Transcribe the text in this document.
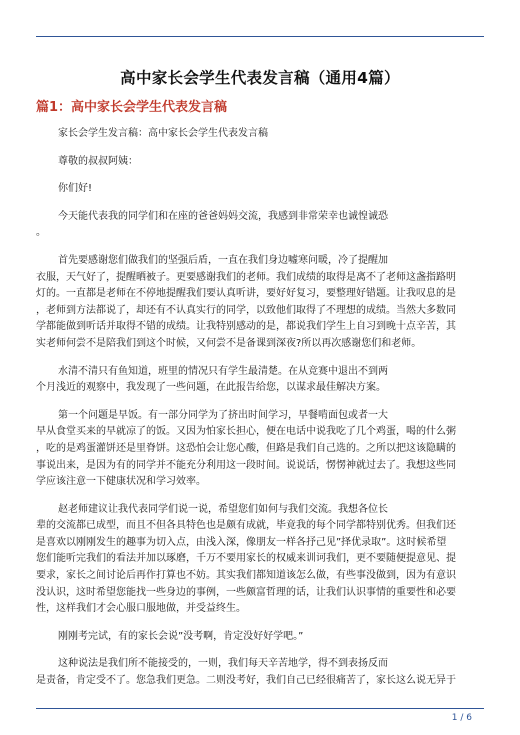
高中家长会学生代表发言稿（通用4篇）
篇1：高中家长会学生代表发言稿
家长会学生发言稿：高中家长会学生代表发言稿
尊敬的叔叔阿姨：
你们好!
今天能代表我的同学们和在座的爸爸妈妈交流，我感到非常荣幸也诚惶诚恐
。
首先要感谢您们做我们的坚强后盾，一直在我们身边嘘寒问暖，冷了提醒加
衣服，天气好了，提醒晒被子。更要感谢我们的老师。我们成绩的取得是离不了老师这盏指路明
灯的。一直都是老师在不停地提醒我们要认真听讲，要好好复习，要整理好错题。让我叹息的是
，老师到方法都说了，却还有不认真实行的同学，以致他们取得了不理想的成绩。当然大多数同
学都能做到听话并取得不错的成绩。让我特别感动的是，都说我们学生上自习到晚十点辛苦，其
实老师何尝不是陪我们到这个时候，又何尝不是备课到深夜?所以再次感谢您们和老师。
水清不清只有鱼知道，班里的情况只有学生最清楚。在从竞赛中退出不到两
个月浅近的观察中，我发现了一些问题，在此报告给您，以谋求最佳解决方案。
第一个问题是早饭。有一部分同学为了挤出时间学习，早餐啃面包或者一大
早从食堂买来的早就凉了的饭。又因为怕家长担心，便在电话中说我吃了几个鸡蛋，喝的什么粥
，吃的是鸡蛋灌饼还是里脊饼。这恐怕会让您心酸，但路是我们自己选的。之所以把这该隐瞒的
事说出来，是因为有的同学并不能充分利用这一段时间。说说话，愣愣神就过去了。我想这些同
学应该注意一下健康状况和学习效率。
赵老师建议让我代表同学们说一说，希望您们如何与我们交流。我想各位长
辈的交流都已成型，而且不但各具特色也是颇有成就，毕竟我的每个同学都特别优秀。但我们还
是喜欢以刚刚发生的趣事为切入点，由浅入深，像朋友一样各抒己见”择优录取”。这时候希望
您们能听完我们的看法并加以琢磨，千万不要用家长的权威来训诃我们，更不要随便提意见、提
要求，家长之间讨论后再作打算也不妨。其实我们都知道该怎么做，有些事没做到，因为有意识
没认识，这时希望您能找一些身边的事例，一些颇富哲理的话，让我们认识事情的重要性和必要
性，这样我们才会心服口服地做，并受益终生。
刚刚考完试，有的家长会说”没考啊，肯定没好好学吧。”
这种说法是我们所不能接受的，一则，我们每天辛苦地学，得不到表扬反而
是责备，肯定受不了。您急我们更急。二则没考好，我们自己已经很痛苦了，家长这么说无异于
1 / 6
